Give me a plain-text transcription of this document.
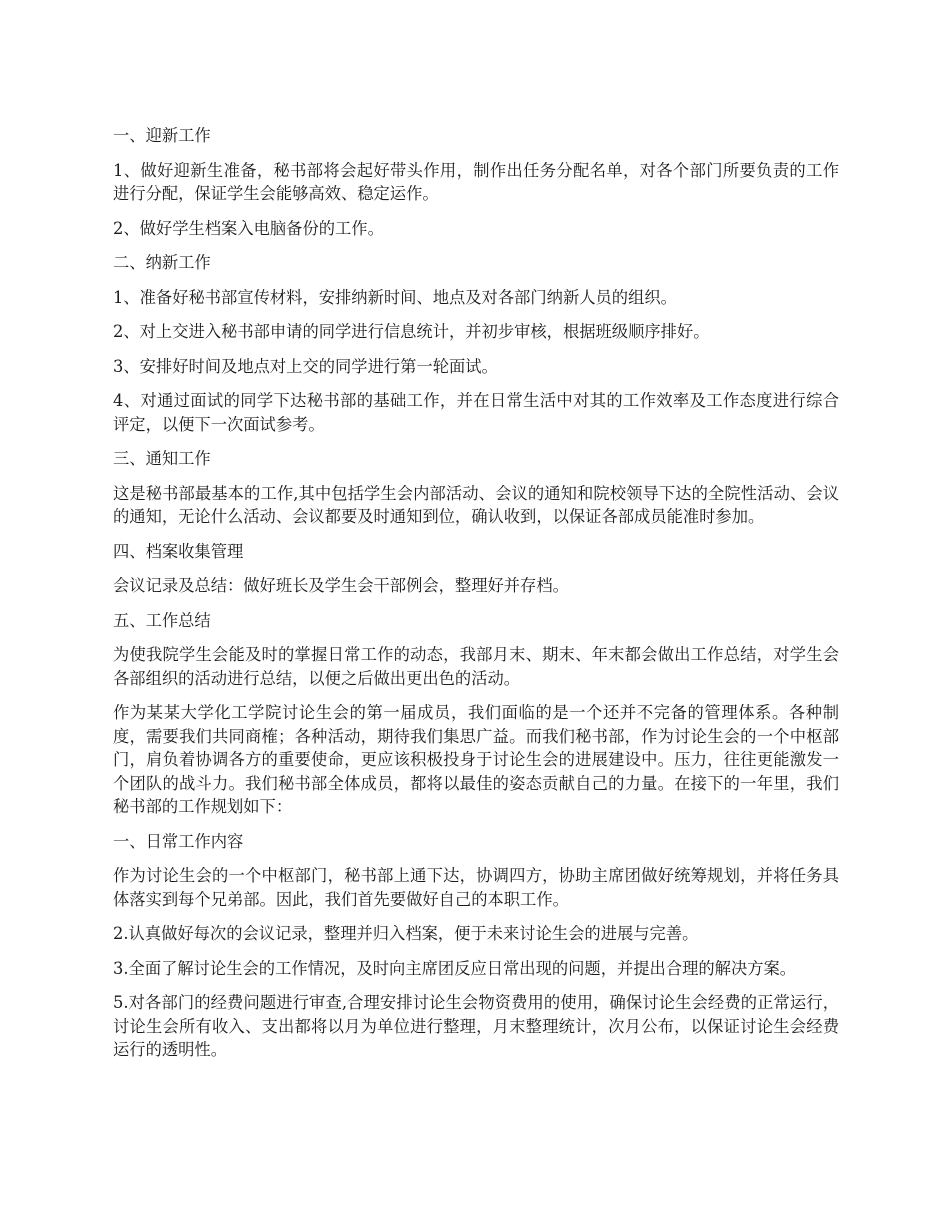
一、迎新工作

1、做好迎新生准备，秘书部将会起好带头作用，制作出任务分配名单，对各个部门所要负责的工作进行分配，保证学生会能够高效、稳定运作。

2、做好学生档案入电脑备份的工作。

二、纳新工作

1、准备好秘书部宣传材料，安排纳新时间、地点及对各部门纳新人员的组织。

2、对上交进入秘书部申请的同学进行信息统计，并初步审核，根据班级顺序排好。

3、安排好时间及地点对上交的同学进行第一轮面试。

4、对通过面试的同学下达秘书部的基础工作，并在日常生活中对其的工作效率及工作态度进行综合评定，以便下一次面试参考。

三、通知工作

这是秘书部最基本的工作,其中包括学生会内部活动、会议的通知和院校领导下达的全院性活动、会议的通知，无论什么活动、会议都要及时通知到位，确认收到，以保证各部成员能准时参加。

四、档案收集管理

会议记录及总结：做好班长及学生会干部例会，整理好并存档。

五、工作总结

为使我院学生会能及时的掌握日常工作的动态，我部月末、期末、年末都会做出工作总结，对学生会各部组织的活动进行总结，以便之后做出更出色的活动。

作为某某大学化工学院讨论生会的第一届成员，我们面临的是一个还并不完备的管理体系。各种制度，需要我们共同商榷；各种活动，期待我们集思广益。而我们秘书部，作为讨论生会的一个中枢部门，肩负着协调各方的重要使命，更应该积极投身于讨论生会的进展建设中。压力，往往更能激发一个团队的战斗力。我们秘书部全体成员，都将以最佳的姿态贡献自己的力量。在接下的一年里，我们秘书部的工作规划如下：

一、日常工作内容

作为讨论生会的一个中枢部门，秘书部上通下达，协调四方，协助主席团做好统筹规划，并将任务具体落实到每个兄弟部。因此，我们首先要做好自己的本职工作。

2.认真做好每次的会议记录，整理并归入档案，便于未来讨论生会的进展与完善。

3.全面了解讨论生会的工作情况，及时向主席团反应日常出现的问题，并提出合理的解决方案。

5.对各部门的经费问题进行审查,合理安排讨论生会物资费用的使用，确保讨论生会经费的正常运行，讨论生会所有收入、支出都将以月为单位进行整理，月末整理统计，次月公布，以保证讨论生会经费运行的透明性。
